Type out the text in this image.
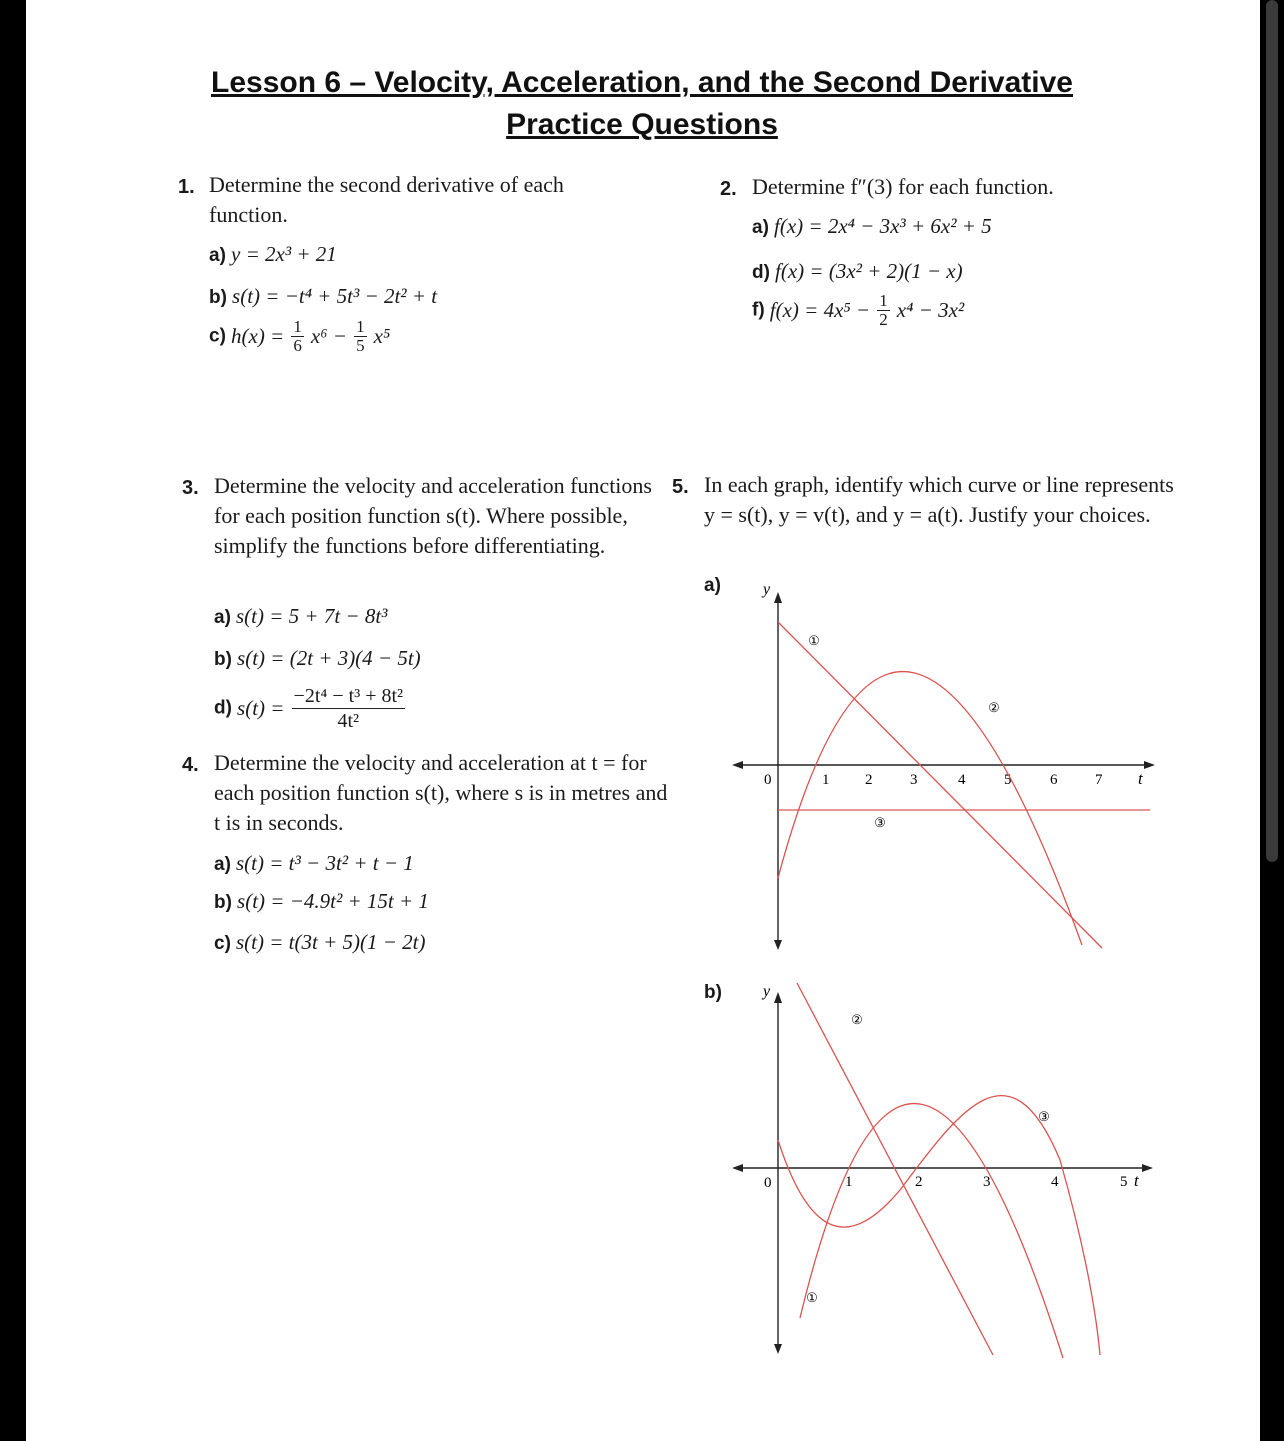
Lesson 6 – Velocity, Acceleration, and the Second Derivative
Practice Questions
1. Determine the second derivative of each function.
a) y = 2x³ + 21
b) s(t) = −t⁴ + 5t³ − 2t² + t
c) $h(x) = \frac{1}{6} x^6 - \frac{1}{5} x^5$
2. Determine f″(3) for each function.
a) f(x) = 2x⁴ − 3x³ + 6x² + 5
d) f(x) = (3x² + 2)(1 − x)
f) $f(x) = 4x^5 - \frac{1}{2} x^4 - 3x^2$
3. Determine the velocity and acceleration functions for each position function s(t). Where possible, simplify the functions before differentiating.
a) s(t) = 5 + 7t − 8t³
b) s(t) = (2t + 3)(4 − 5t)
d) $s(t) = \frac{\text{−2t⁴ − t³ + 8t²}}{\text{4t²}}$
4. Determine the velocity and acceleration at t = for each position function s(t), where s is in metres and t is in seconds.
a) s(t) = t³ − 3t² + t − 1
b) s(t) = −4.9t² + 15t + 1
c) s(t) = t(3t + 5)(1 − 2t)
5. In each graph, identify which curve or line represents y = s(t), y = v(t), and y = a(t). Justify your choices.
a)
b)
y
t
0	1 2	3	4	5	6	7
①
②
③
y
t
0	1	2	3	4	5
①
②
③
